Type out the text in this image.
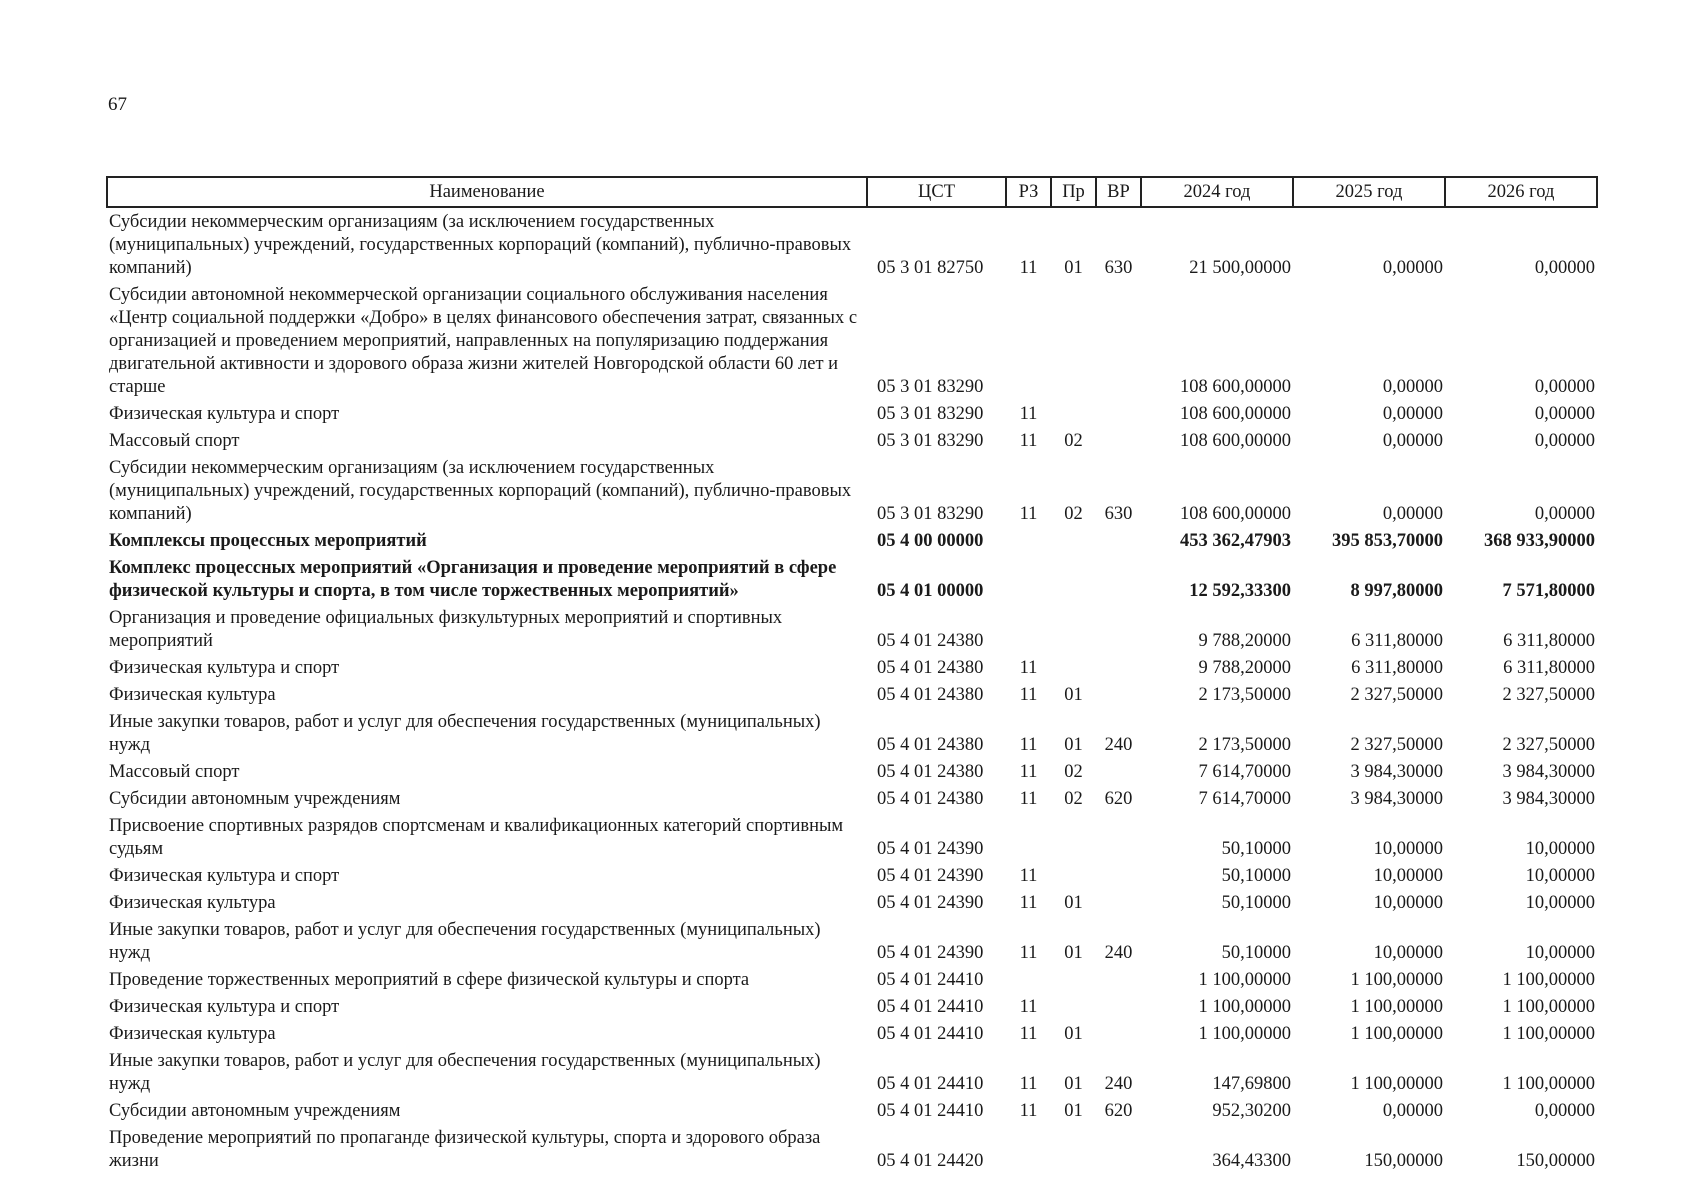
67
Наименование	ЦСТ	РЗ	Пр	ВР	2024 год	2025 год	2026 год
Субсидии некоммерческим организациям (за исключением государственных (муниципальных) учреждений, государственных корпораций (компаний), публично-правовых компаний)	05 3 01 82750	11	01	630	21 500,00000	0,00000	0,00000
Субсидии автономной некоммерческой организации социального обслуживания населения «Центр социальной поддержки «Добро» в целях финансового обеспечения затрат, связанных с организацией и проведением мероприятий, направленных на популяризацию поддержания двигательной активности и здорового образа жизни жителей Новгородской области 60 лет и старше	05 3 01 83290				108 600,00000	0,00000	0,00000
Физическая культура и спорт	05 3 01 83290	11			108 600,00000	0,00000	0,00000
Массовый спорт	05 3 01 83290	11	02		108 600,00000	0,00000	0,00000
Субсидии некоммерческим организациям (за исключением государственных (муниципальных) учреждений, государственных корпораций (компаний), публично-правовых компаний)	05 3 01 83290	11	02	630	108 600,00000	0,00000	0,00000
Комплексы процессных мероприятий	05 4 00 00000				453 362,47903	395 853,70000	368 933,90000
Комплекс процессных мероприятий «Организация и проведение мероприятий в сфере физической культуры и спорта, в том числе торжественных мероприятий»	05 4 01 00000				12 592,33300	8 997,80000	7 571,80000
Организация и проведение официальных физкультурных мероприятий и спортивных мероприятий	05 4 01 24380				9 788,20000	6 311,80000	6 311,80000
Физическая культура и спорт	05 4 01 24380	11			9 788,20000	6 311,80000	6 311,80000
Физическая культура	05 4 01 24380	11	01		2 173,50000	2 327,50000	2 327,50000
Иные закупки товаров, работ и услуг для обеспечения государственных (муниципальных) нужд	05 4 01 24380	11	01	240	2 173,50000	2 327,50000	2 327,50000
Массовый спорт	05 4 01 24380	11	02		7 614,70000	3 984,30000	3 984,30000
Субсидии автономным учреждениям	05 4 01 24380	11	02	620	7 614,70000	3 984,30000	3 984,30000
Присвоение спортивных разрядов спортсменам и квалификационных категорий спортивным судьям	05 4 01 24390				50,10000	10,00000	10,00000
Физическая культура и спорт	05 4 01 24390	11			50,10000	10,00000	10,00000
Физическая культура	05 4 01 24390	11	01		50,10000	10,00000	10,00000
Иные закупки товаров, работ и услуг для обеспечения государственных (муниципальных) нужд	05 4 01 24390	11	01	240	50,10000	10,00000	10,00000
Проведение торжественных мероприятий в сфере физической культуры и спорта	05 4 01 24410				1 100,00000	1 100,00000	1 100,00000
Физическая культура и спорт	05 4 01 24410	11			1 100,00000	1 100,00000	1 100,00000
Физическая культура	05 4 01 24410	11	01		1 100,00000	1 100,00000	1 100,00000
Иные закупки товаров, работ и услуг для обеспечения государственных (муниципальных) нужд	05 4 01 24410	11	01	240	147,69800	1 100,00000	1 100,00000
Субсидии автономным учреждениям	05 4 01 24410	11	01	620	952,30200	0,00000	0,00000
Проведение мероприятий по пропаганде физической культуры, спорта и здорового образа жизни	05 4 01 24420				364,43300	150,00000	150,00000
